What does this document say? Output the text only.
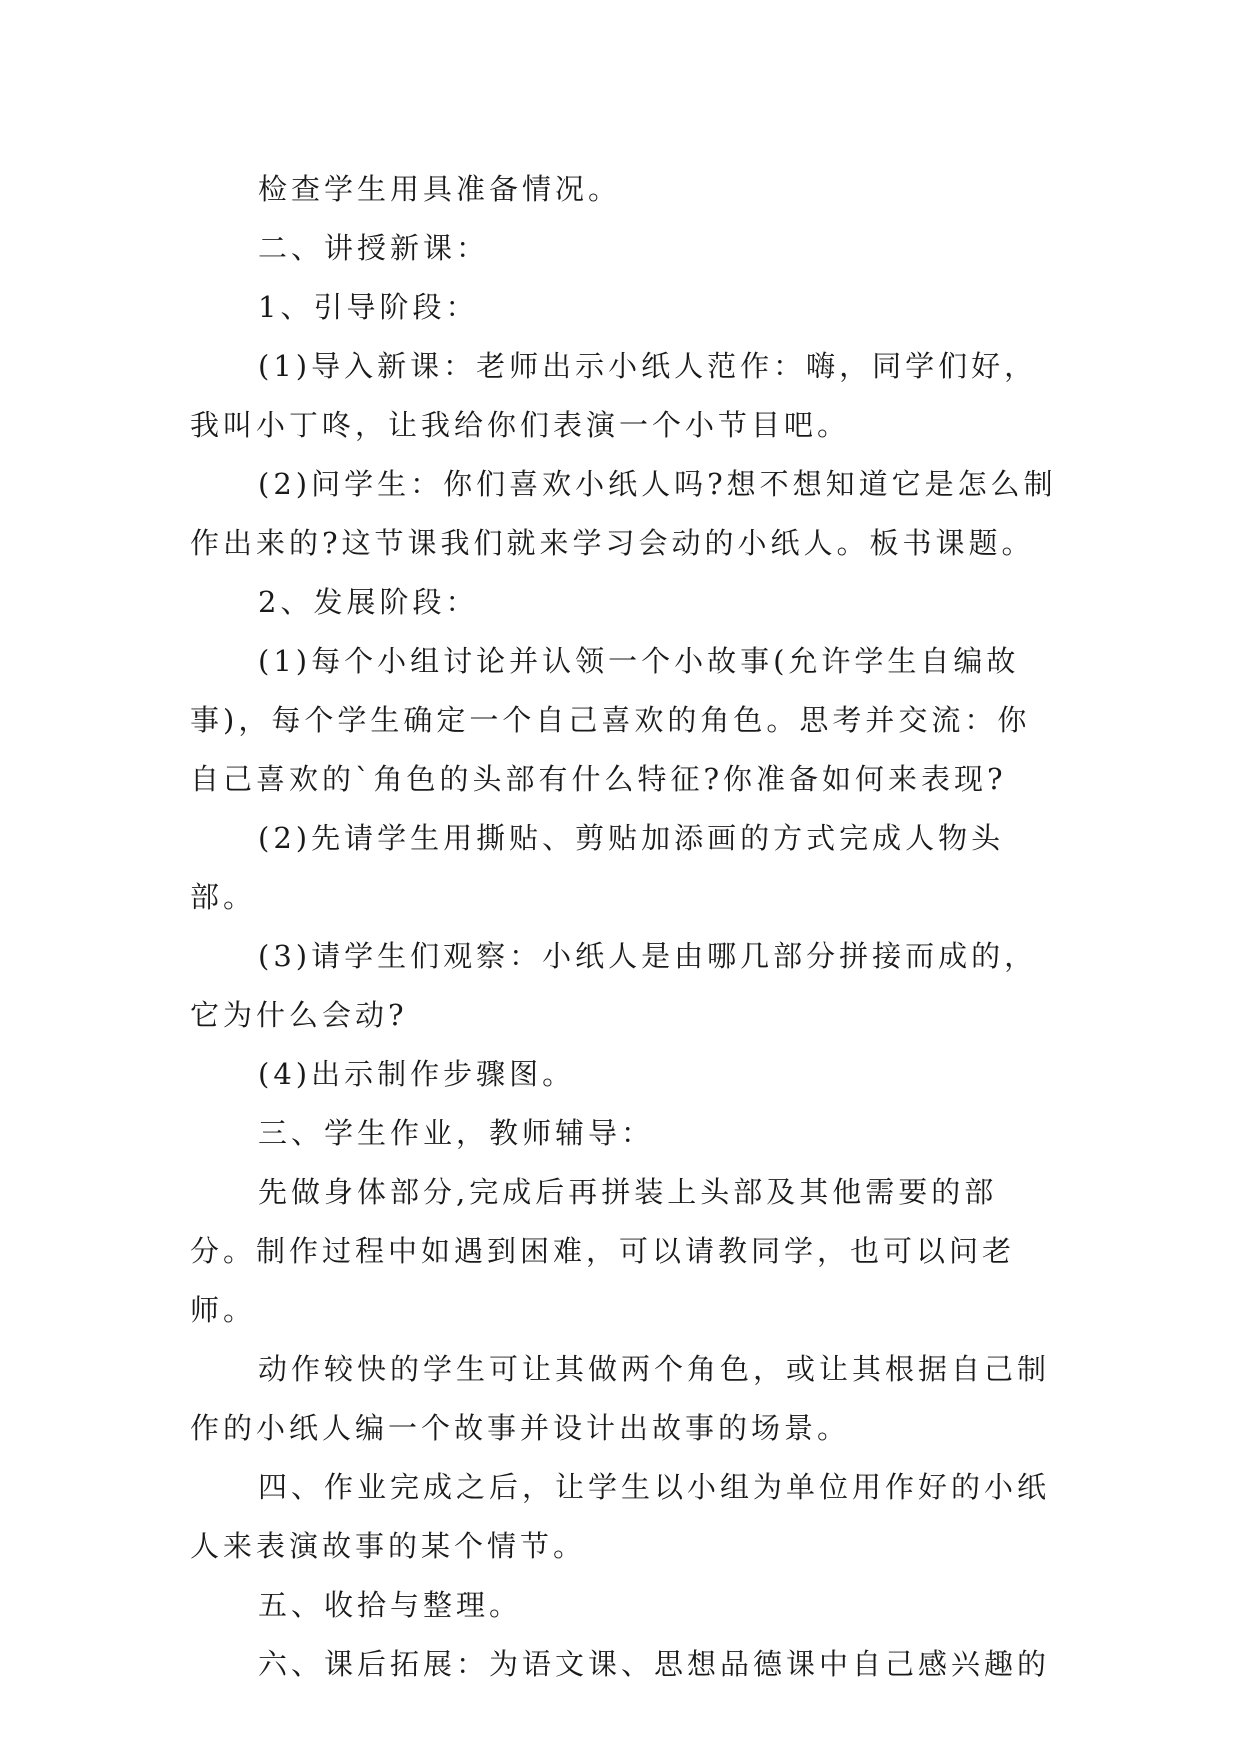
检查学生用具准备情况。

二、讲授新课：

1、引导阶段：

(1)导入新课：老师出示小纸人范作：嗨，同学们好，我叫小丁咚，让我给你们表演一个小节目吧。

(2)问学生：你们喜欢小纸人吗?想不想知道它是怎么制作出来的?这节课我们就来学习会动的小纸人。板书课题。

2、发展阶段：

(1)每个小组讨论并认领一个小故事(允许学生自编故事)，每个学生确定一个自己喜欢的角色。思考并交流：你自己喜欢的`角色的头部有什么特征?你准备如何来表现?

(2)先请学生用撕贴、剪贴加添画的方式完成人物头部。

(3)请学生们观察：小纸人是由哪几部分拼接而成的，它为什么会动?

(4)出示制作步骤图。

三、学生作业，教师辅导：

先做身体部分,完成后再拼装上头部及其他需要的部分。制作过程中如遇到困难，可以请教同学，也可以问老师。

动作较快的学生可让其做两个角色，或让其根据自己制作的小纸人编一个故事并设计出故事的场景。

四、作业完成之后，让学生以小组为单位用作好的小纸人来表演故事的某个情节。

五、收拾与整理。

六、课后拓展：为语文课、思想品德课中自己感兴趣的
